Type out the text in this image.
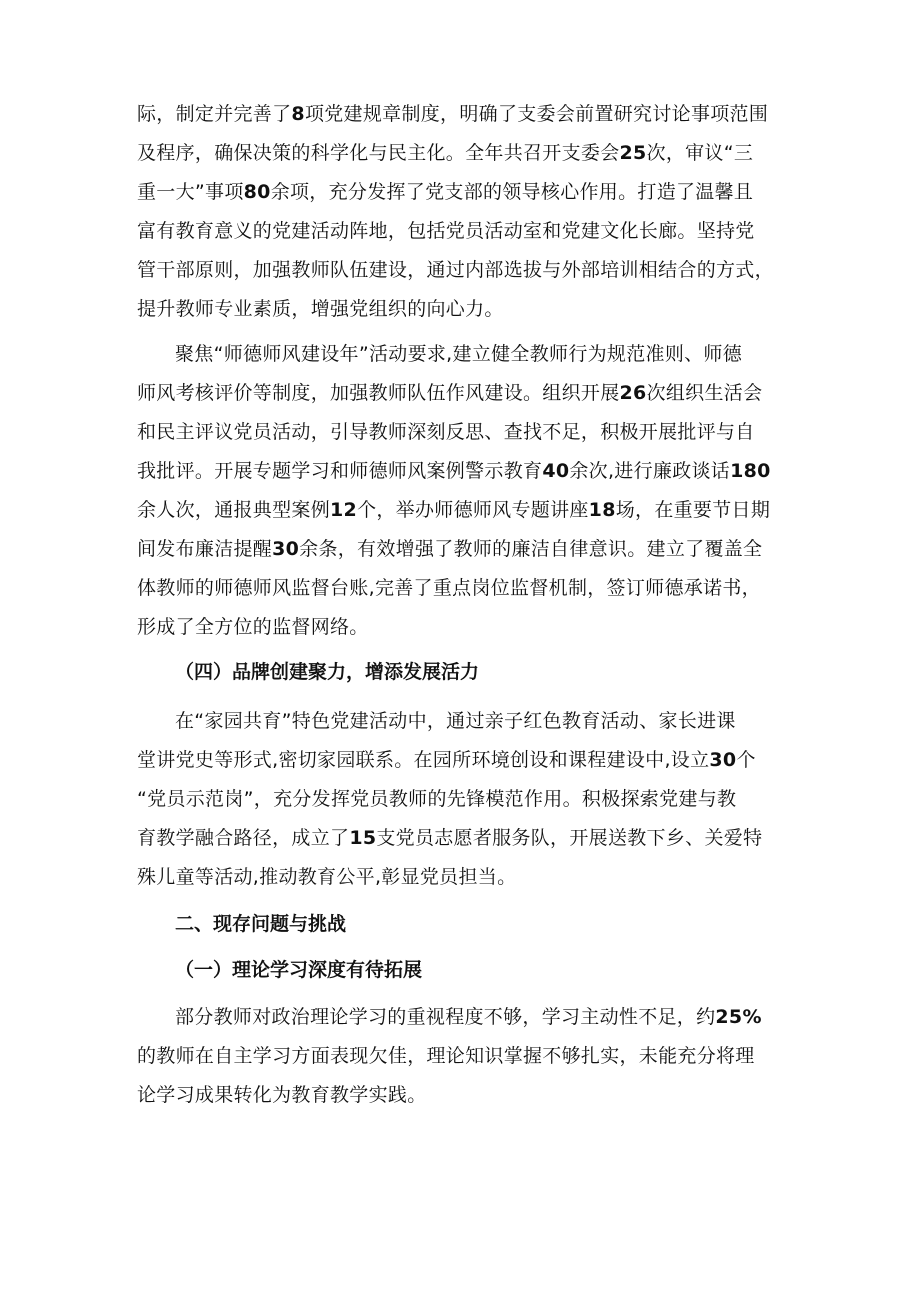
际，制定并完善了8项党建规章制度，明确了支委会前置研究讨论事项范围
及程序，确保决策的科学化与民主化。全年共召开支委会25次，审议“三
重一大”事项80余项，充分发挥了党支部的领导核心作用。打造了温馨且
富有教育意义的党建活动阵地，包括党员活动室和党建文化长廊。坚持党
管干部原则，加强教师队伍建设，通过内部选拔与外部培训相结合的方式，
提升教师专业素质，增强党组织的向心力。
聚焦“师德师风建设年”活动要求,建立健全教师行为规范准则、师德
师风考核评价等制度，加强教师队伍作风建设。组织开展26次组织生活会
和民主评议党员活动，引导教师深刻反思、查找不足，积极开展批评与自
我批评。开展专题学习和师德师风案例警示教育40余次,进行廉政谈话180
余人次，通报典型案例12个，举办师德师风专题讲座18场，在重要节日期
间发布廉洁提醒30余条，有效增强了教师的廉洁自律意识。建立了覆盖全
体教师的师德师风监督台账,完善了重点岗位监督机制，签订师德承诺书，
形成了全方位的监督网络。
（四）品牌创建聚力，增添发展活力
在“家园共育”特色党建活动中，通过亲子红色教育活动、家长进课
堂讲党史等形式,密切家园联系。在园所环境创设和课程建设中,设立30个
“党员示范岗”，充分发挥党员教师的先锋模范作用。积极探索党建与教
育教学融合路径，成立了15支党员志愿者服务队，开展送教下乡、关爱特
殊儿童等活动,推动教育公平,彰显党员担当。
二、现存问题与挑战
（一）理论学习深度有待拓展
部分教师对政治理论学习的重视程度不够，学习主动性不足，约25%
的教师在自主学习方面表现欠佳，理论知识掌握不够扎实，未能充分将理
论学习成果转化为教育教学实践。
